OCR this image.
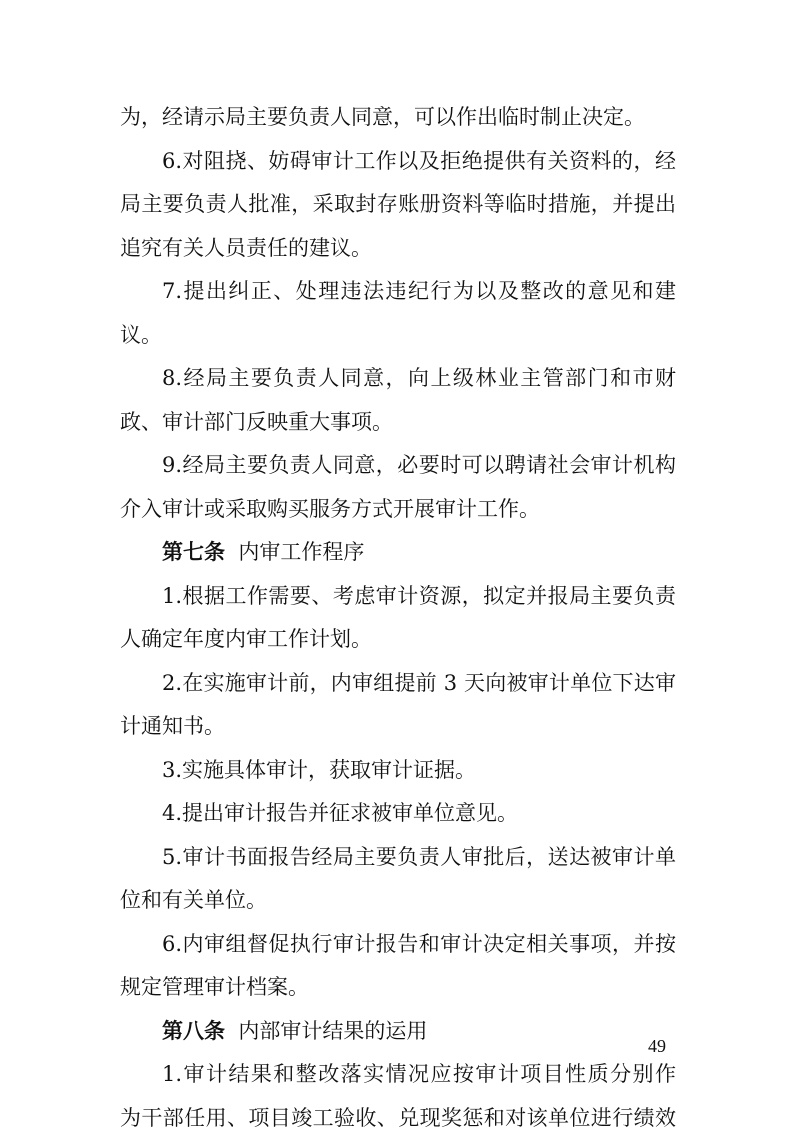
为，经请示局主要负责人同意，可以作出临时制止决定。
6.对阻挠、妨碍审计工作以及拒绝提供有关资料的，经
局主要负责人批准，采取封存账册资料等临时措施，并提出
追究有关人员责任的建议。
7.提出纠正、处理违法违纪行为以及整改的意见和建
议。
8.经局主要负责人同意，向上级林业主管部门和市财
政、审计部门反映重大事项。
9.经局主要负责人同意，必要时可以聘请社会审计机构
介入审计或采取购买服务方式开展审计工作。
第七条 内审工作程序
1.根据工作需要、考虑审计资源，拟定并报局主要负责
人确定年度内审工作计划。
2.在实施审计前，内审组提前 3 天向被审计单位下达审
计通知书。
3.实施具体审计，获取审计证据。
4.提出审计报告并征求被审单位意见。
5.审计书面报告经局主要负责人审批后，送达被审计单
位和有关单位。
6.内审组督促执行审计报告和审计决定相关事项，并按
规定管理审计档案。
第八条 内部审计结果的运用
1.审计结果和整改落实情况应按审计项目性质分别作
为干部任用、项目竣工验收、兑现奖惩和对该单位进行绩效
49
